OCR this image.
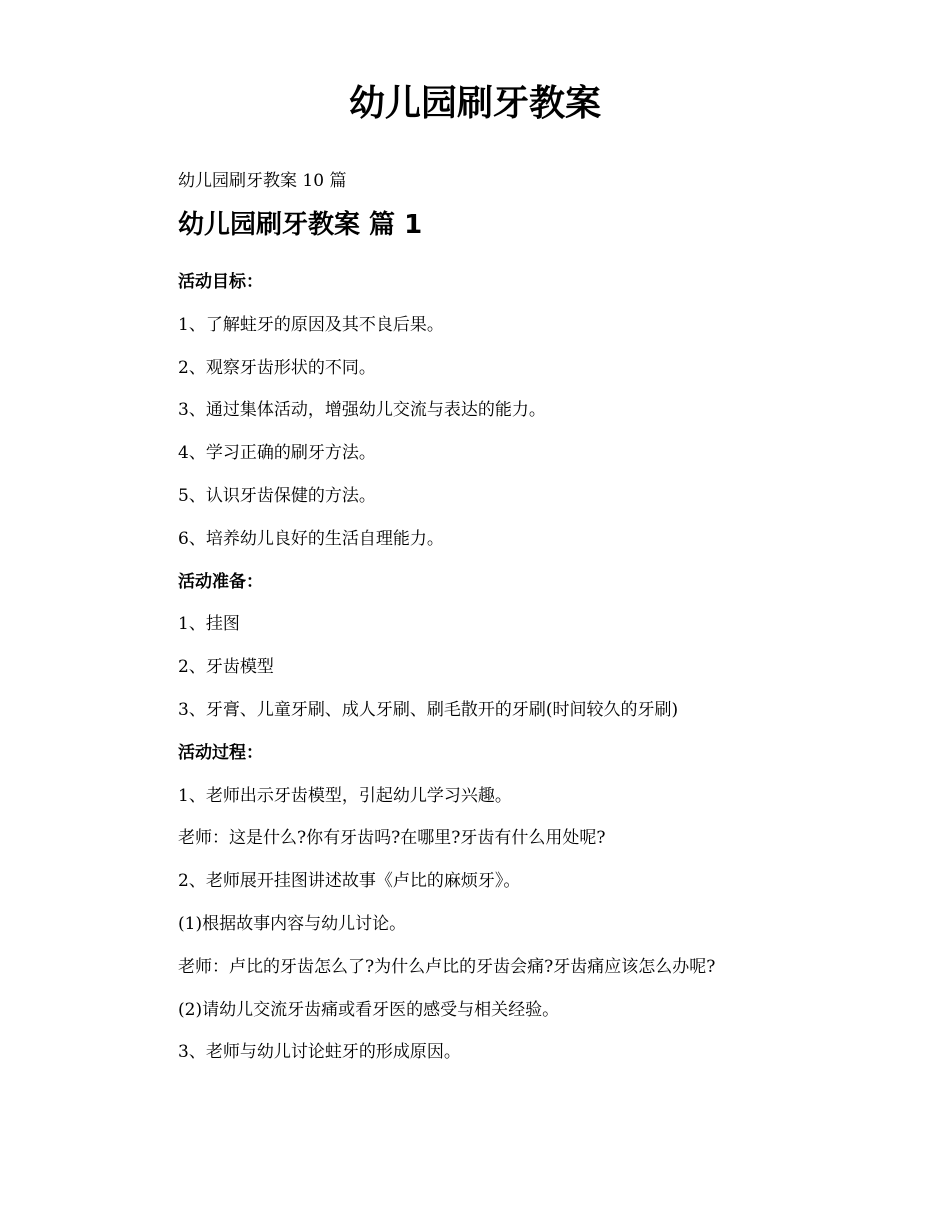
幼儿园刷牙教案

幼儿园刷牙教案 10 篇

幼儿园刷牙教案 篇 1

活动目标：

1、了解蛀牙的原因及其不良后果。

2、观察牙齿形状的不同。

3、通过集体活动，增强幼儿交流与表达的能力。

4、学习正确的刷牙方法。

5、认识牙齿保健的方法。

6、培养幼儿良好的生活自理能力。

活动准备：

1、挂图

2、牙齿模型

3、牙膏、儿童牙刷、成人牙刷、刷毛散开的牙刷(时间较久的牙刷)

活动过程：

1、老师出示牙齿模型，引起幼儿学习兴趣。

老师：这是什么?你有牙齿吗?在哪里?牙齿有什么用处呢?

2、老师展开挂图讲述故事《卢比的麻烦牙》。

(1)根据故事内容与幼儿讨论。

老师：卢比的牙齿怎么了?为什么卢比的牙齿会痛?牙齿痛应该怎么办呢?

(2)请幼儿交流牙齿痛或看牙医的感受与相关经验。

3、老师与幼儿讨论蛀牙的形成原因。
